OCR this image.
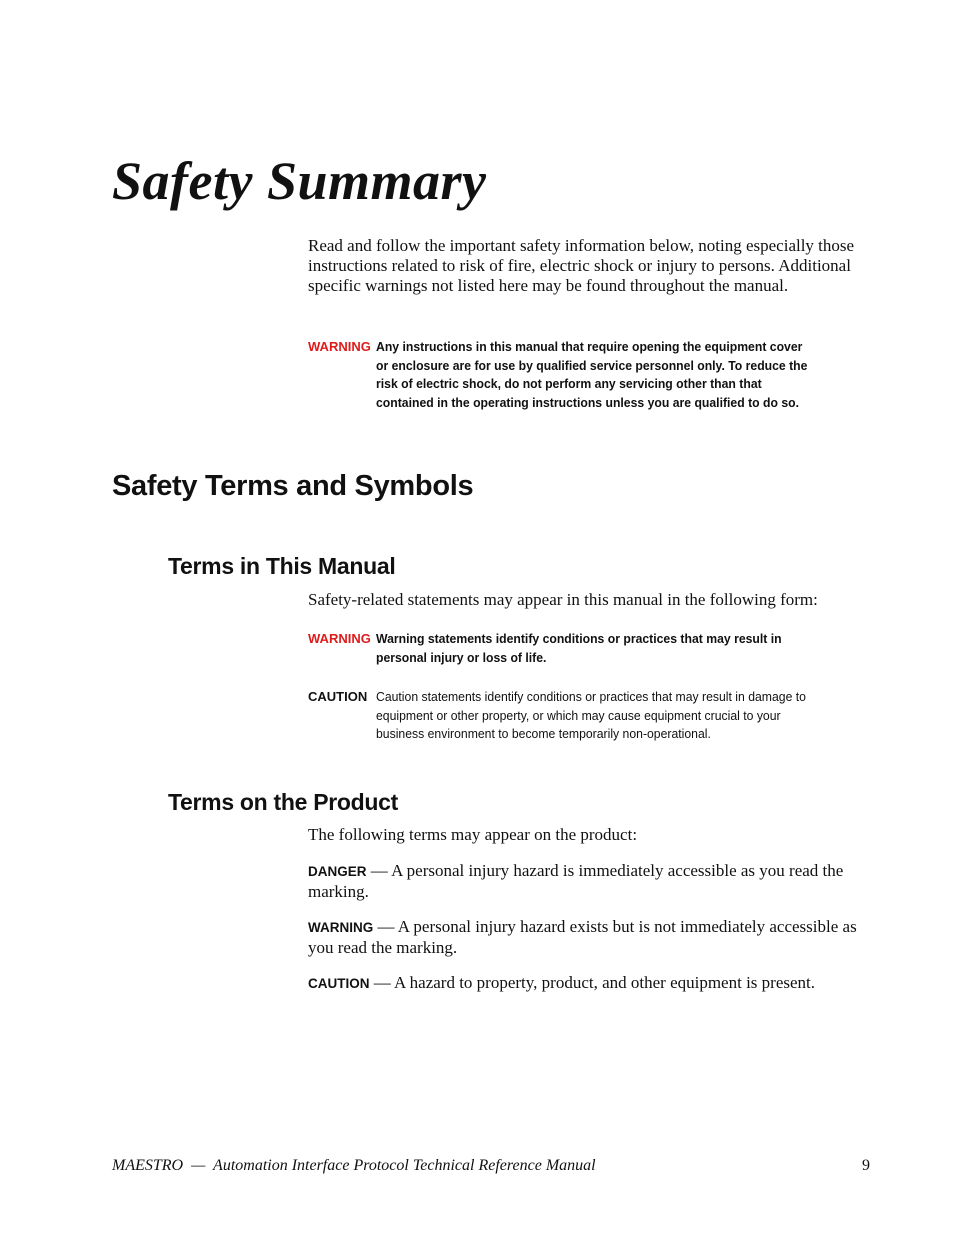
Safety Summary

Read and follow the important safety information below, noting especially those instructions related to risk of fire, electric shock or injury to persons. Additional specific warnings not listed here may be found throughout the manual.

WARNING Any instructions in this manual that require opening the equipment cover or enclosure are for use by qualified service personnel only. To reduce the risk of electric shock, do not perform any servicing other than that contained in the operating instructions unless you are qualified to do so.
Safety Terms and Symbols
Terms in This Manual

Safety-related statements may appear in this manual in the following form:

WARNING Warning statements identify conditions or practices that may result in personal injury or loss of life.
CAUTION Caution statements identify conditions or practices that may result in damage to equipment or other property, or which may cause equipment crucial to your business environment to become temporarily non-operational.
Terms on the Product

The following terms may appear on the product:

DANGER — A personal injury hazard is immediately accessible as you read the marking.

WARNING — A personal injury hazard exists but is not immediately accessible as you read the marking.

CAUTION — A hazard to property, product, and other equipment is present.

MAESTRO  —  Automation Interface Protocol Technical Reference Manual	9
